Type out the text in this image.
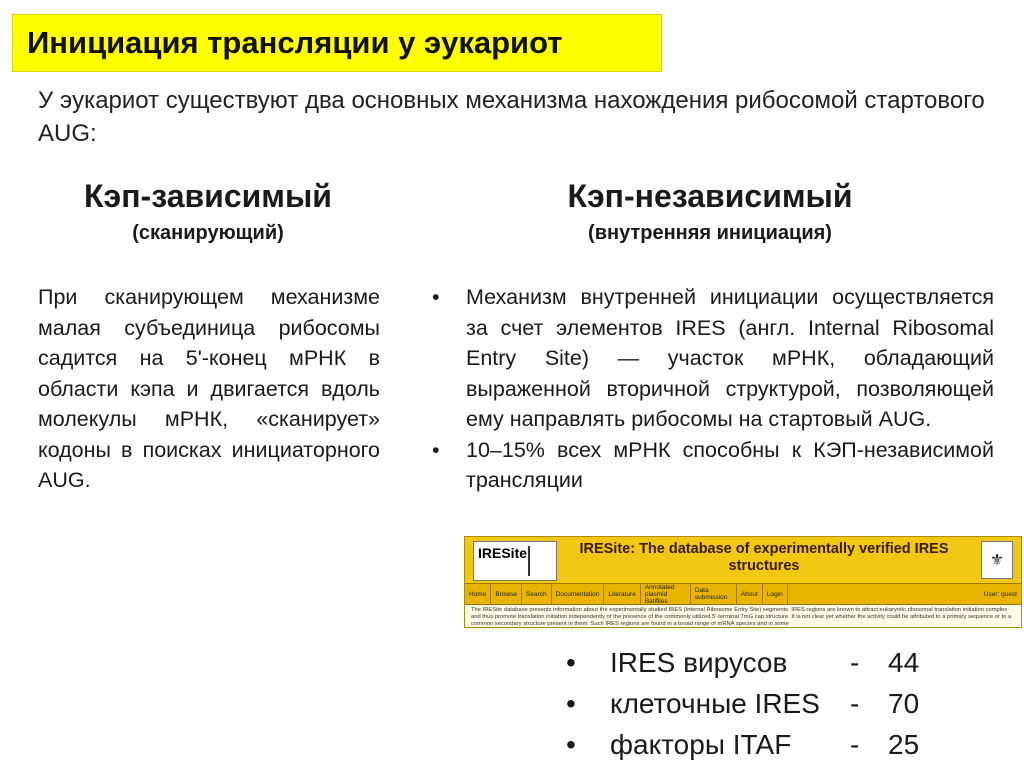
Инициация трансляции у эукариот

У эукариот существуют два основных механизма нахождения рибосомой стартового AUG:

Кэп-зависимый
(сканирующий)
Кэп-независимый
(внутренняя инициация)

При сканирующем механизме малая субъединица рибосомы садится на 5'-конец мРНК в области кэпа и двигается вдоль молекулы мРНК, «сканирует» кодоны в поисках инициаторного AUG.

• Механизм внутренней инициации осуществляется за счет элементов IRES (англ. Internal Ribosomal Entry Site) — участок мРНК, обладающий выраженной вторичной структурой, позволяющей ему направлять рибосомы на стартовый AUG.
• 10–15% всех мРНК способны к КЭП-независимой трансляции
IRESite	IRESite: The database of experimentally verified IRES structures	⚜
Home	Browse	Search	Documentation	Literature
Annotated plasmid Batifiles
Data submission	About	Login	User: guest
The IRESite database presents information about the experimentally studied IRES (Internal Ribosome Entry Site) segments. IRES regions are known to attract eukaryotic ribosomal translation initiation complex and thus promote translation initiation independently of the presence of the commonly utilized 5'-terminal 7mG cap structure. It is not clear yet whether the activity could be attributed to a primary sequence or to a common secondary structure present in them. Such IRES regions are found in a broad range of mRNA species and in some
• IRES вирусов - 44
• клеточные IRES - 70
• факторы ITAF - 25
